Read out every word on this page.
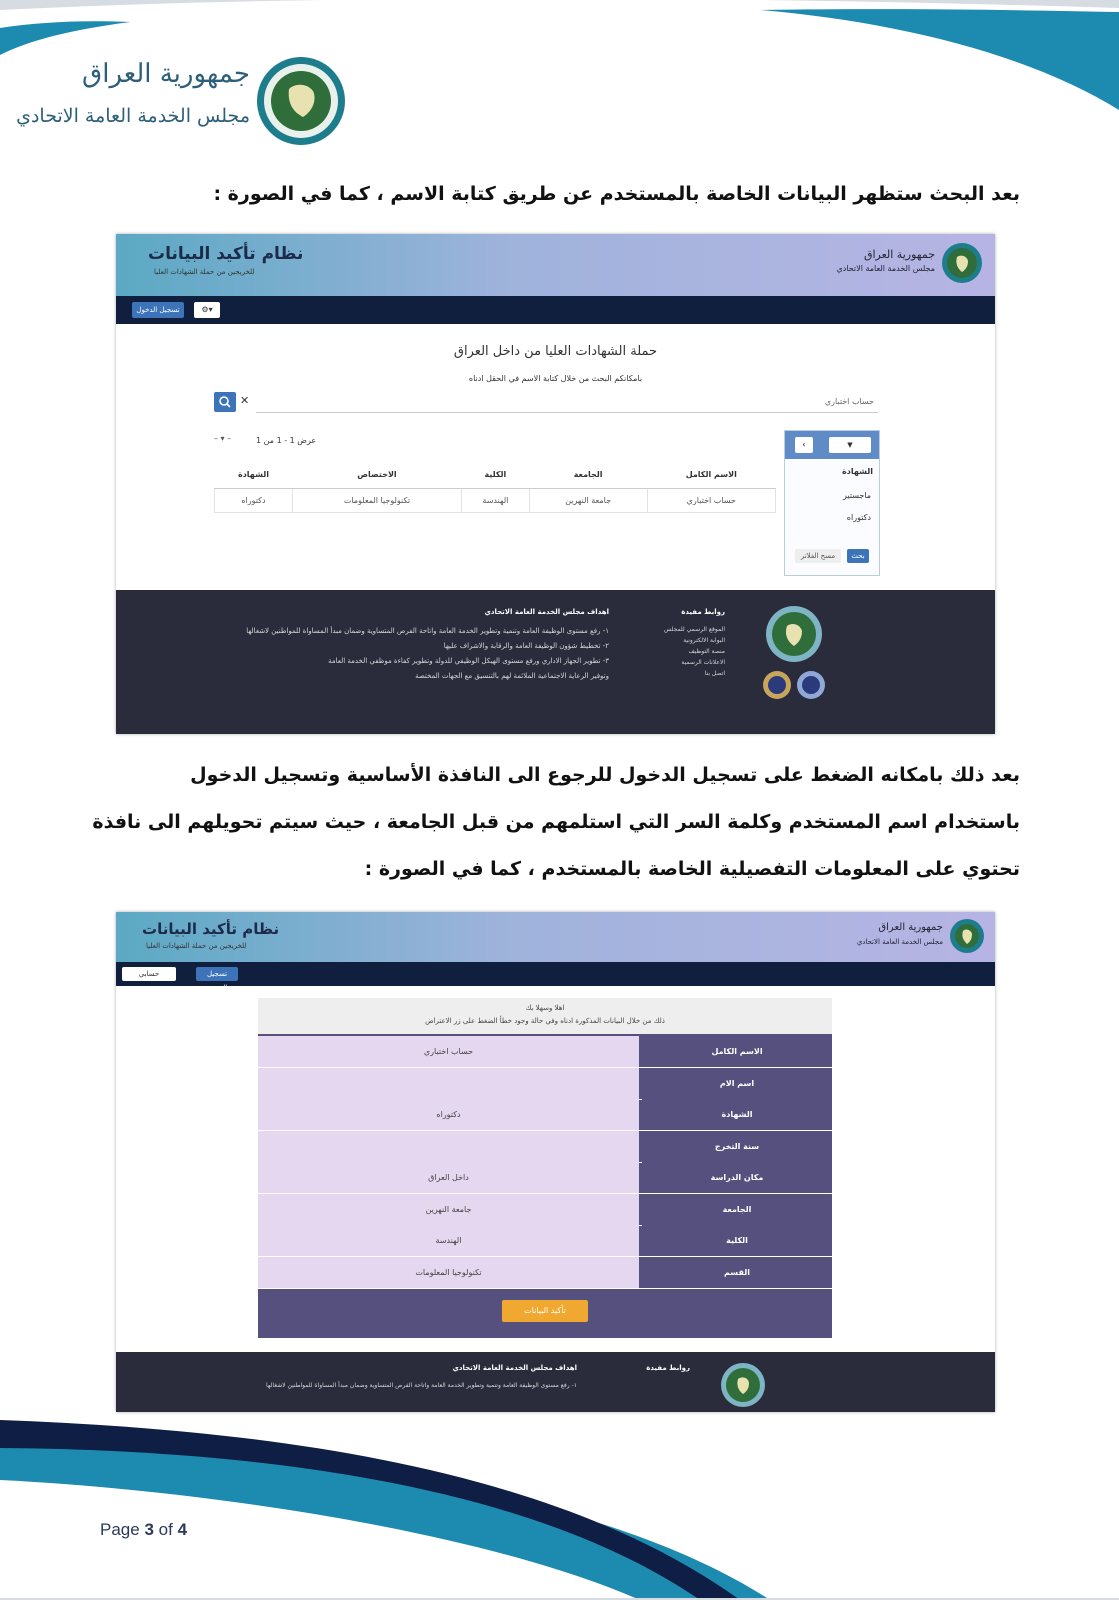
جمهورية العراق
مجلس الخدمة العامة الاتحادي
بعد البحث ستظهر البيانات الخاصة بالمستخدم عن طريق كتابة الاسم ، كما في الصورة :
نظام تأكيد البيانات
للخريجين من حملة الشهادات العليا
جمهورية العراق
مجلس الخدمة العامة الاتحادي
تسجيل الدخول	⚙▾
حملة الشهادات العليا من داخل العراق
بامكانكم البحث من خلال كتابة الاسم في الحقل ادناه
✕	حساب اختباري
عرض 1 - 1 من 1
– ▾ –
‹	▼
الشهادة
ماجستير
دكتوراه
بحث
مسح الفلاتر
الاسم الكامل	الجامعة	الكلية	الاختصاص	الشهادة
حساب اختباري	جامعة النهرين	الهندسة	تكنولوجيا المعلومات	دكتوراه
روابط مفيدة
الموقع الرسمي للمجلس
البوابة الالكترونية
منصة التوظيف
الاعلانات الرسمية
اتصل بنا
اهداف مجلس الخدمة العامة الاتحادي
١- رفع مستوى الوظيفة العامة وتنمية وتطوير الخدمة العامة واتاحة الفرص المتساوية وضمان مبدأ المساواة للمواطنين لاشغالها
٢- تخطيط شؤون الوظيفة العامة والرقابة والاشراف عليها
٣- تطوير الجهاز الاداري ورفع مستوى الهيكل الوظيفي للدولة وتطوير كفاءة موظفي الخدمة العامة
وتوفير الرعاية الاجتماعية الملائمة لهم بالتنسيق مع الجهات المختصة
بعد ذلك بامكانه الضغط على تسجيل الدخول للرجوع الى النافذة الأساسية وتسجيل الدخول
باستخدام اسم المستخدم وكلمة السر التي استلمهم من قبل الجامعة ، حيث سيتم تحويلهم الى نافذة
تحتوي على المعلومات التفصيلية الخاصة بالمستخدم ، كما في الصورة :
نظام تأكيد البيانات
للخريجين من حملة الشهادات العليا
جمهورية العراق
مجلس الخدمة العامة الاتحادي
حسابي	تسجيل الخروج
اهلا وسهلا بك
ذلك من خلال البيانات المذكورة ادناه وفي حالة وجود خطأ الضغط على زر الاعتراض
حساب اختباري	الاسم الكامل
اسم الام
دكتوراه	الشهادة
سنة التخرج
داخل العراق	مكان الدراسة
جامعة النهرين	الجامعة
الهندسة	الكلية
تكنولوجيا المعلومات	القسم
تأكيد البيانات
روابط مفيدة
اهداف مجلس الخدمة العامة الاتحادي
١- رفع مستوى الوظيفة العامة وتنمية وتطوير الخدمة العامة واتاحة الفرص المتساوية وضمان مبدأ المساواة للمواطنين لاشغالها
Page 3 of 4
